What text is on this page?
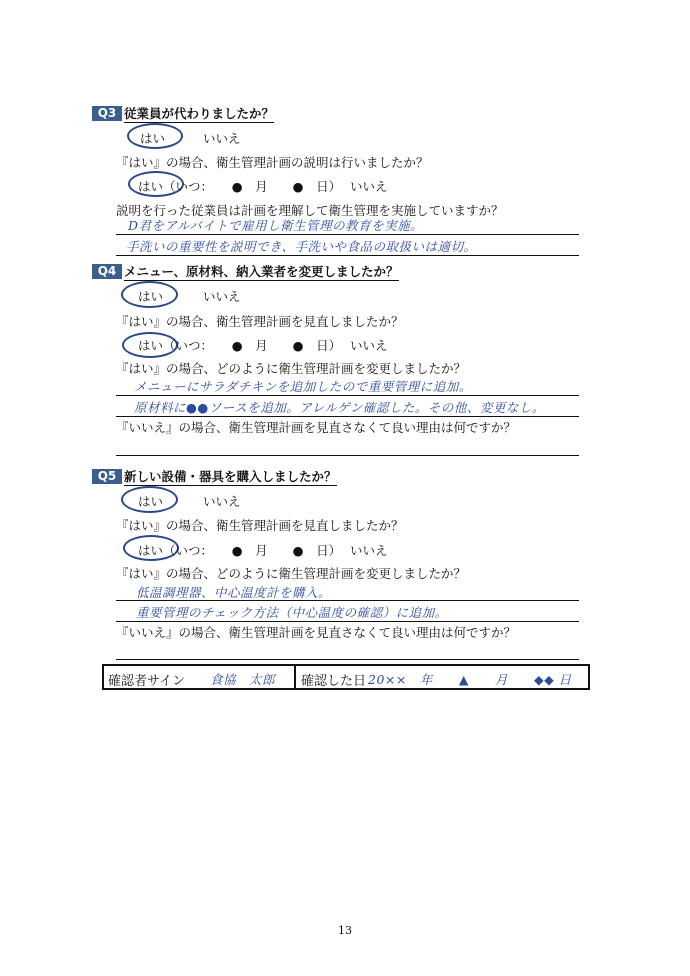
Q3 従業員が代わりましたか？
はい	いいえ
『はい』の場合、衛生管理計画の説明は行いましたか？
はい（いつ：　　●　月　　●　日） いいえ
説明を行った従業員は計画を理解して衛生管理を実施していますか？
D君をアルバイトで雇用し衛生管理の教育を実施。
手洗いの重要性を説明でき、手洗いや食品の取扱いは適切。
Q4 メニュー、原材料、納入業者を変更しましたか？
はい	いいえ
『はい』の場合、衛生管理計画を見直しましたか？
はい（いつ：　　●　月　　●　日） いいえ
『はい』の場合、どのように衛生管理計画を変更しましたか？
メニューにサラダチキンを追加したので重要管理に追加。
原材料に●●ソースを追加。アレルゲン確認した。その他、変更なし。
『いいえ』の場合、衛生管理計画を見直さなくて良い理由は何ですか？
Q5 新しい設備・器具を購入しましたか？
はい	いいえ
『はい』の場合、衛生管理計画を見直しましたか？
はい（いつ：　　●　月　　●　日） いいえ
『はい』の場合、どのように衛生管理計画を変更しましたか？
低温調理器、中心温度計を購入。
重要管理のチェック方法（中心温度の確認）に追加。
『いいえ』の場合、衛生管理計画を見直さなくて良い理由は何ですか？
確認者サイン 食協　太郎 確認した日 20××　年　　▲　　月　　◆◆ 日
13
